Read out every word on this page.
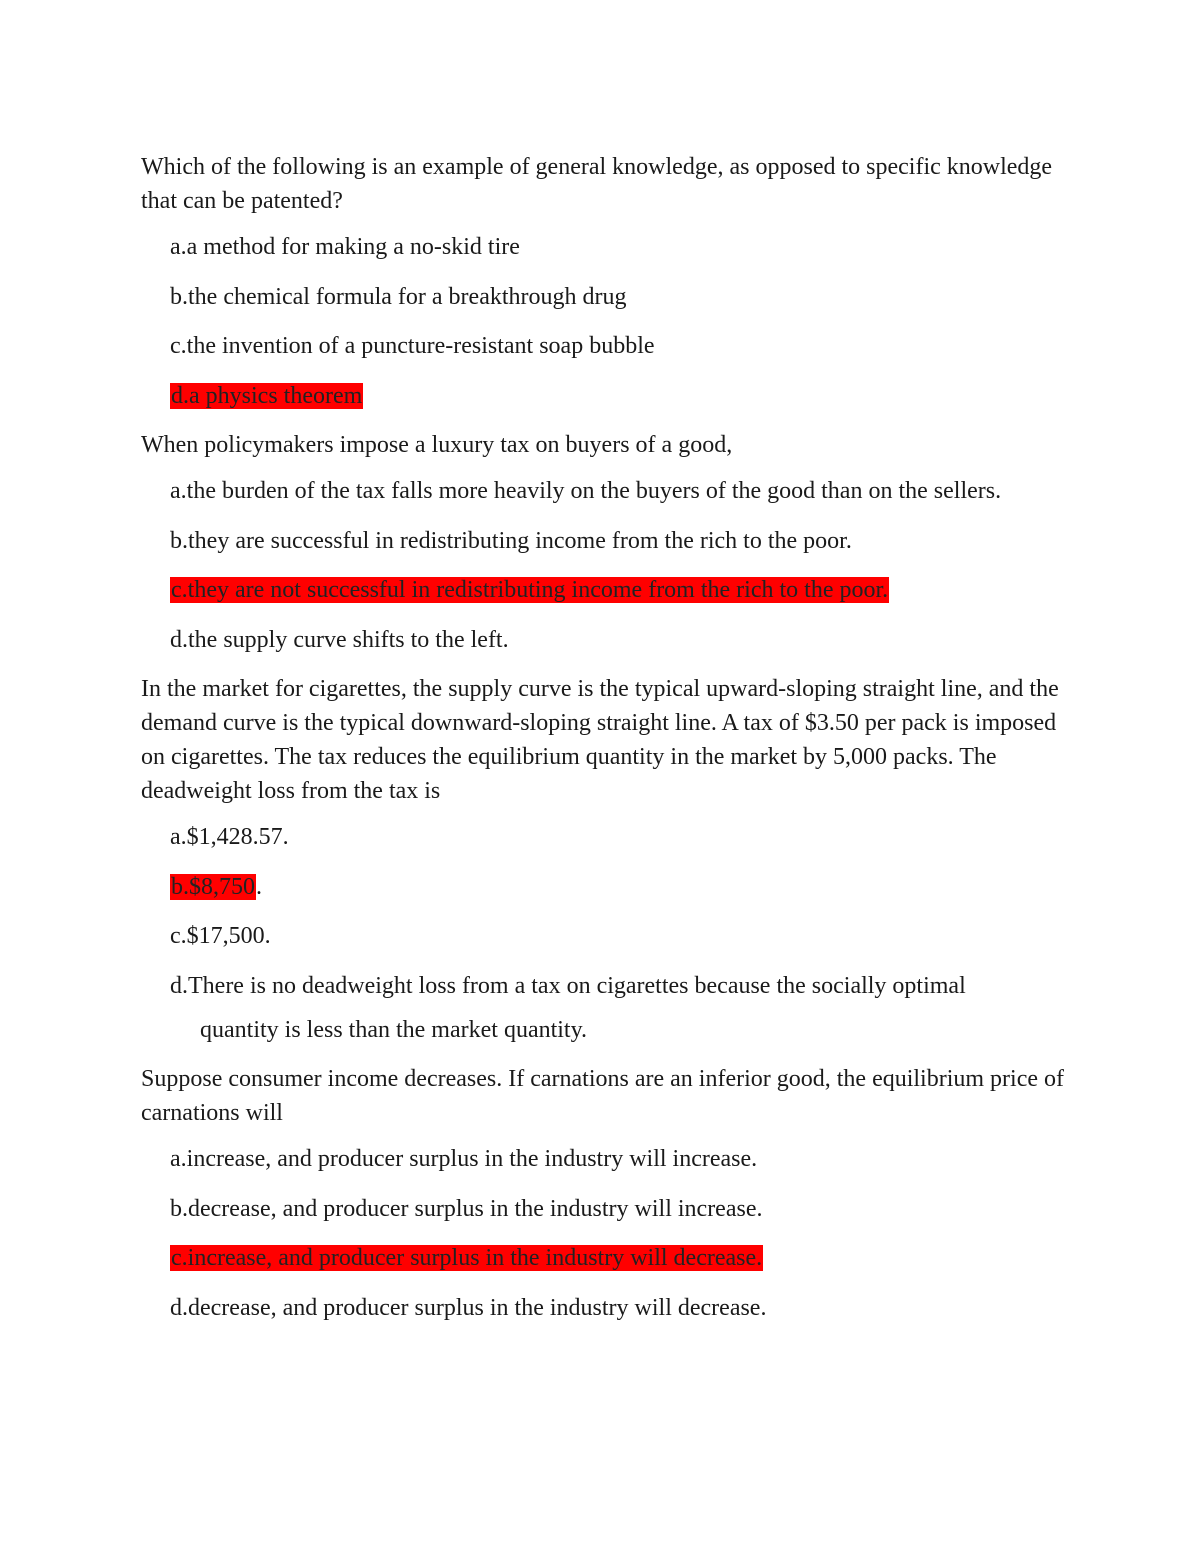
Which of the following is an example of general knowledge, as opposed to specific knowledge that can be patented?
a.a method for making a no-skid tire
b.the chemical formula for a breakthrough drug
c.the invention of a puncture-resistant soap bubble
d.a physics theorem
When policymakers impose a luxury tax on buyers of a good,
a.the burden of the tax falls more heavily on the buyers of the good than on the sellers.
b.they are successful in redistributing income from the rich to the poor.
c.they are not successful in redistributing income from the rich to the poor.
d.the supply curve shifts to the left.
In the market for cigarettes, the supply curve is the typical upward-sloping straight line, and the demand curve is the typical downward-sloping straight line. A tax of $3.50 per pack is imposed on cigarettes. The tax reduces the equilibrium quantity in the market by 5,000 packs. The deadweight loss from the tax is
a.$1,428.57.
b.$8,750.
c.$17,500.
d.There is no deadweight loss from a tax on cigarettes because the socially optimal
quantity is less than the market quantity.
Suppose consumer income decreases. If carnations are an inferior good, the equilibrium price of carnations will
a.increase, and producer surplus in the industry will increase.
b.decrease, and producer surplus in the industry will increase.
c.increase, and producer surplus in the industry will decrease.
d.decrease, and producer surplus in the industry will decrease.
